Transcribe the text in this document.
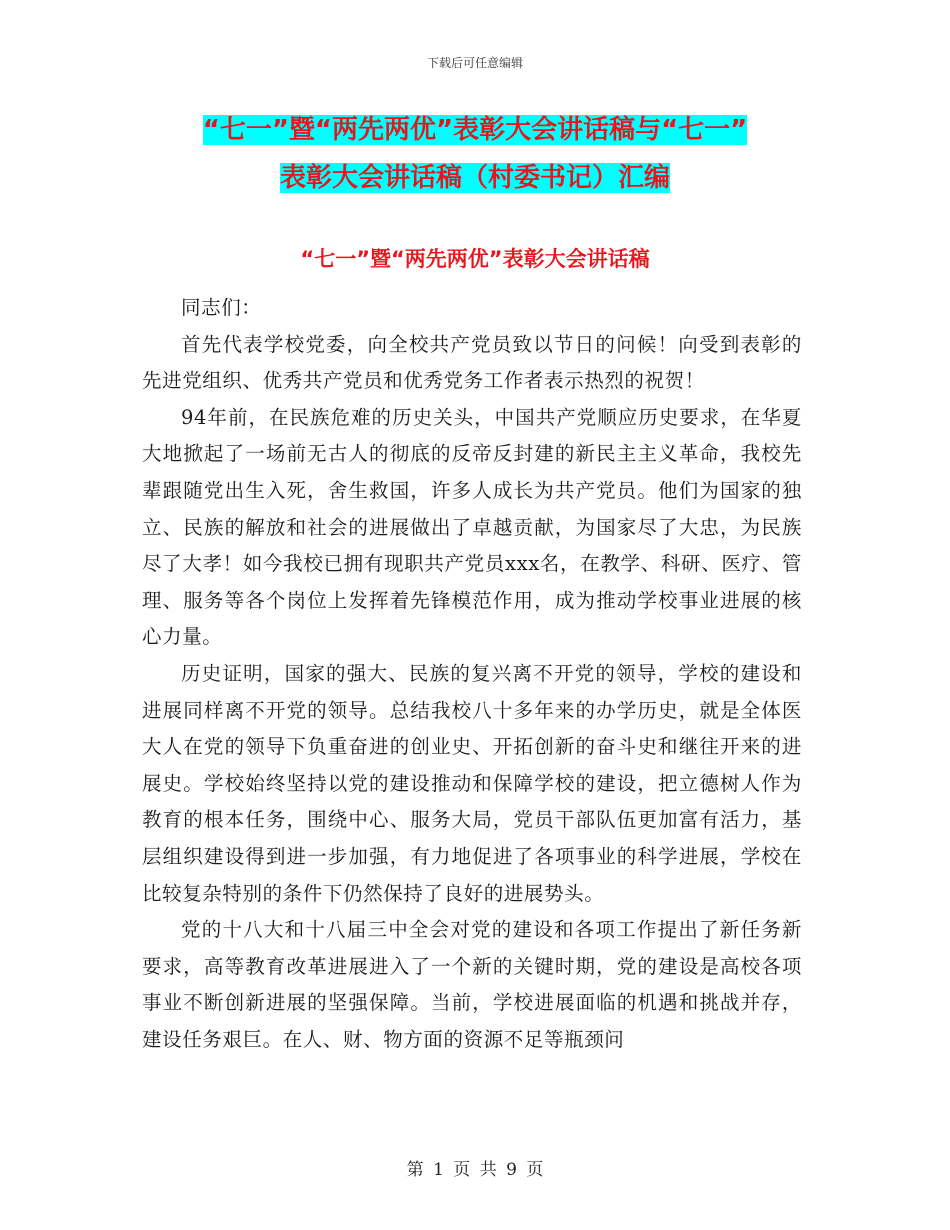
下载后可任意编辑
“七一”暨“两先两优”表彰大会讲话稿与“七一”
表彰大会讲话稿（村委书记）汇编
“七一”暨“两先两优”表彰大会讲话稿

同志们：

首先代表学校党委，向全校共产党员致以节日的问候！向受到表彰的先进党组织、优秀共产党员和优秀党务工作者表示热烈的祝贺！

94年前，在民族危难的历史关头，中国共产党顺应历史要求，在华夏大地掀起了一场前无古人的彻底的反帝反封建的新民主主义革命，我校先辈跟随党出生入死，舍生救国，许多人成长为共产党员。他们为国家的独立、民族的解放和社会的进展做出了卓越贡献，为国家尽了大忠，为民族尽了大孝！如今我校已拥有现职共产党员xxx名，在教学、科研、医疗、管理、服务等各个岗位上发挥着先锋模范作用，成为推动学校事业进展的核心力量。

历史证明，国家的强大、民族的复兴离不开党的领导，学校的建设和进展同样离不开党的领导。总结我校八十多年来的办学历史，就是全体医大人在党的领导下负重奋进的创业史、开拓创新的奋斗史和继往开来的进展史。学校始终坚持以党的建设推动和保障学校的建设，把立德树人作为教育的根本任务，围绕中心、服务大局，党员干部队伍更加富有活力，基层组织建设得到进一步加强，有力地促进了各项事业的科学进展，学校在比较复杂特别的条件下仍然保持了良好的进展势头。

党的十八大和十八届三中全会对党的建设和各项工作提出了新任务新要求，高等教育改革进展进入了一个新的关键时期，党的建设是高校各项事业不断创新进展的坚强保障。当前，学校进展面临的机遇和挑战并存，建设任务艰巨。在人、财、物方面的资源不足等瓶颈问

第 1 页 共 9 页
